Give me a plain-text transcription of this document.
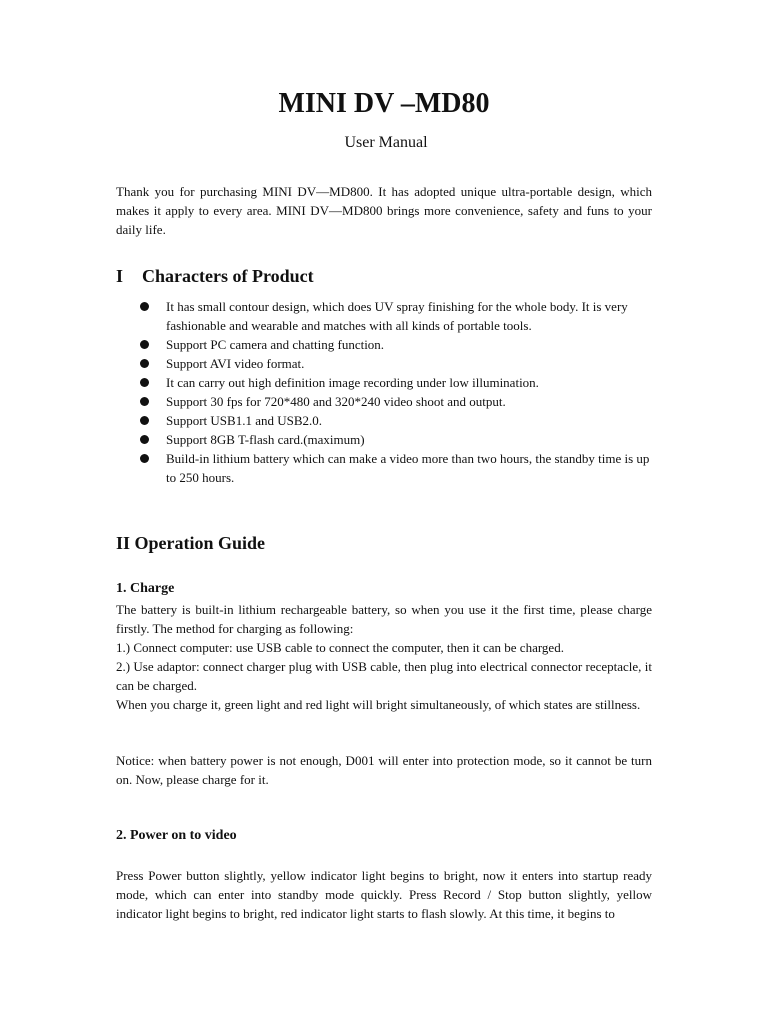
MINI DV –MD80

User Manual

Thank you for purchasing MINI DV—MD800. It has adopted unique ultra-portable design, which makes it apply to every area. MINI DV—MD800 brings more convenience, safety and funs to your daily life.

I Characters of Product
It has small contour design, which does UV spray finishing for the whole body. It is very fashionable and wearable and matches with all kinds of portable tools.
Support PC camera and chatting function.
Support AVI video format.
It can carry out high definition image recording under low illumination.
Support 30 fps for 720*480 and 320*240 video shoot and output.
Support USB1.1 and USB2.0.
Support 8GB T-flash card.(maximum)
Build-in lithium battery which can make a video more than two hours, the standby time is up to 250 hours.
II Operation Guide
1. Charge
The battery is built-in lithium rechargeable battery, so when you use it the first time, please charge firstly. The method for charging as following:
1.) Connect computer: use USB cable to connect the computer, then it can be charged.
2.) Use adaptor: connect charger plug with USB cable, then plug into electrical connector receptacle, it can be charged.
When you charge it, green light and red light will bright simultaneously, of which states are stillness.

Notice: when battery power is not enough, D001 will enter into protection mode, so it cannot be turn on. Now, please charge for it.

2. Power on to video

Press Power button slightly, yellow indicator light begins to bright, now it enters into startup ready mode, which can enter into standby mode quickly. Press Record / Stop button slightly, yellow indicator light begins to bright, red indicator light starts to flash slowly. At this time, it begins to
